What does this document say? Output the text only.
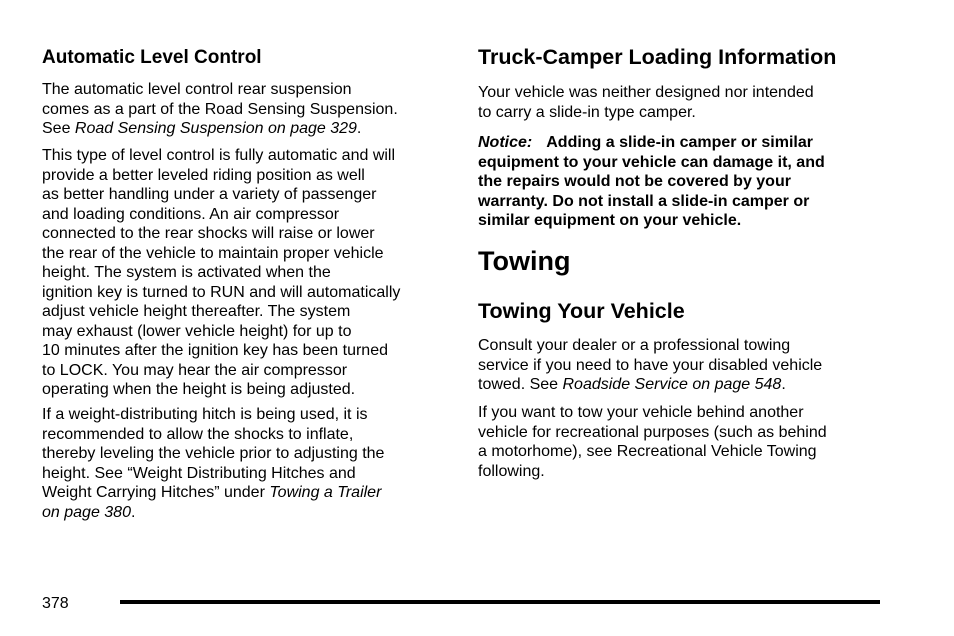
Automatic Level Control

The automatic level control rear suspension
comes as a part of the Road Sensing Suspension.
See Road Sensing Suspension on page 329.

This type of level control is fully automatic and will
provide a better leveled riding position as well
as better handling under a variety of passenger
and loading conditions. An air compressor
connected to the rear shocks will raise or lower
the rear of the vehicle to maintain proper vehicle
height. The system is activated when the
ignition key is turned to RUN and will automatically
adjust vehicle height thereafter. The system
may exhaust (lower vehicle height) for up to
10 minutes after the ignition key has been turned
to LOCK. You may hear the air compressor
operating when the height is being adjusted.

If a weight-distributing hitch is being used, it is
recommended to allow the shocks to inflate,
thereby leveling the vehicle prior to adjusting the
height. See “Weight Distributing Hitches and
Weight Carrying Hitches” under Towing a Trailer
on page 380.

Truck-Camper Loading Information

Your vehicle was neither designed nor intended
to carry a slide-in type camper.

Notice: Adding a slide-in camper or similar
equipment to your vehicle can damage it, and
the repairs would not be covered by your
warranty. Do not install a slide-in camper or
similar equipment on your vehicle.

Towing
Towing Your Vehicle

Consult your dealer or a professional towing
service if you need to have your disabled vehicle
towed. See Roadside Service on page 548.

If you want to tow your vehicle behind another
vehicle for recreational purposes (such as behind
a motorhome), see Recreational Vehicle Towing
following.

378
